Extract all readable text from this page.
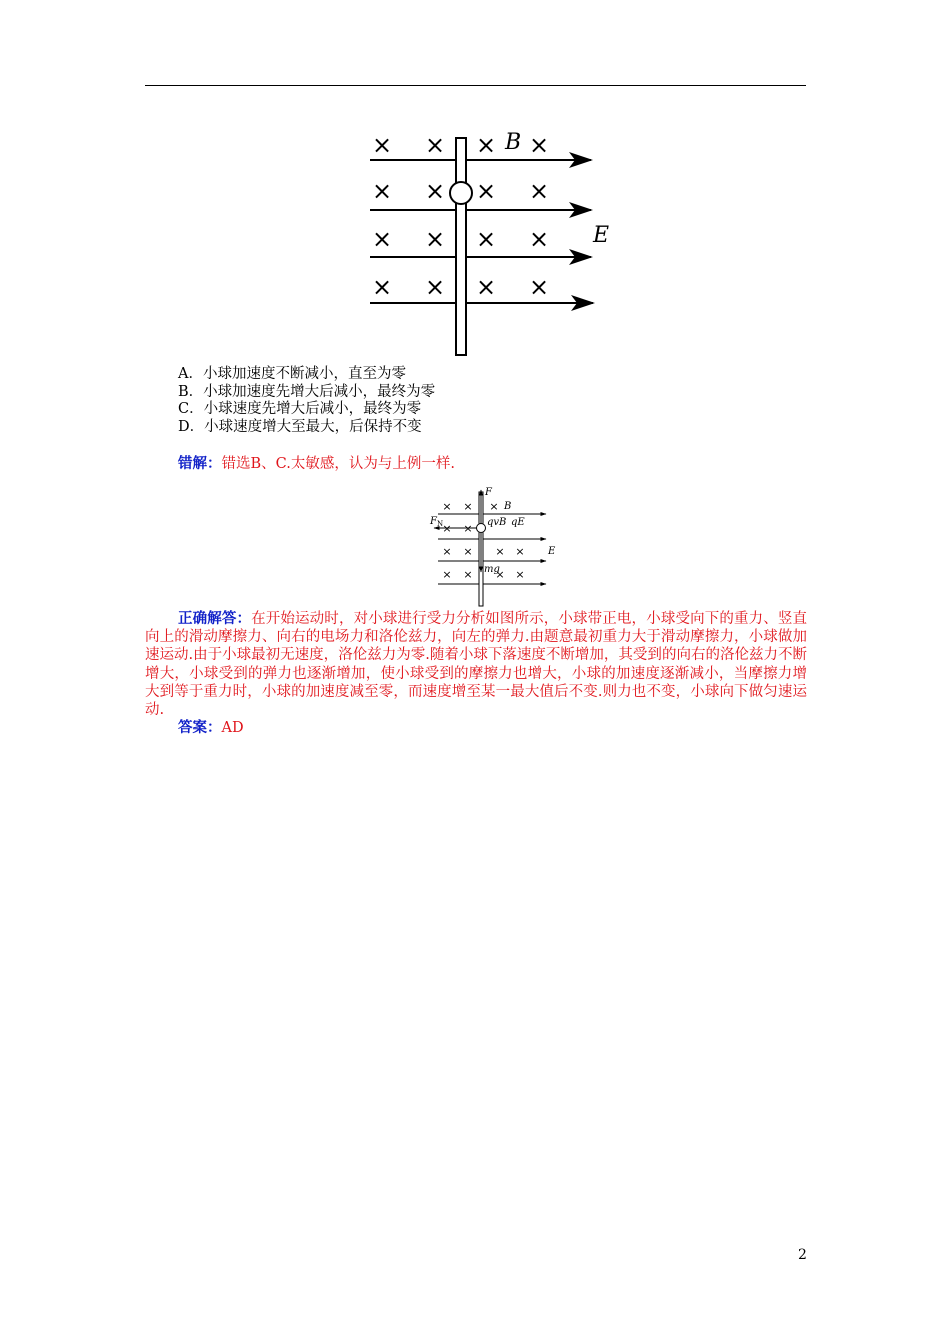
× × × ×
× × × ×
× × × ×
× × × ×
B
E
A．小球加速度不断减小，直至为零
B．小球加速度先增大后减小，最终为零
C．小球速度先增大后减小，最终为零
D．小球速度增大至最大，后保持不变
错解：错选B、C.太敏感，认为与上例一样.
× × ×
× ×
× × × ×
× × × ×
F
B
$F_N$	qvB qE
E
mg

正确解答：在开始运动时，对小球进行受力分析如图所示，小球带正电，小球受向下的重力、竖直向上的滑动摩擦力、向右的电场力和洛伦兹力，向左的弹力.由题意最初重力大于滑动摩擦力，小球做加速运动.由于小球最初无速度，洛伦兹力为零.随着小球下落速度不断增加，其受到的向右的洛伦兹力不断增大，小球受到的弹力也逐渐增加，使小球受到的摩擦力也增大，小球的加速度逐渐减小，当摩擦力增大到等于重力时，小球的加速度减至零，而速度增至某一最大值后不变.则力也不变，小球向下做匀速运动.

答案：AD
2
